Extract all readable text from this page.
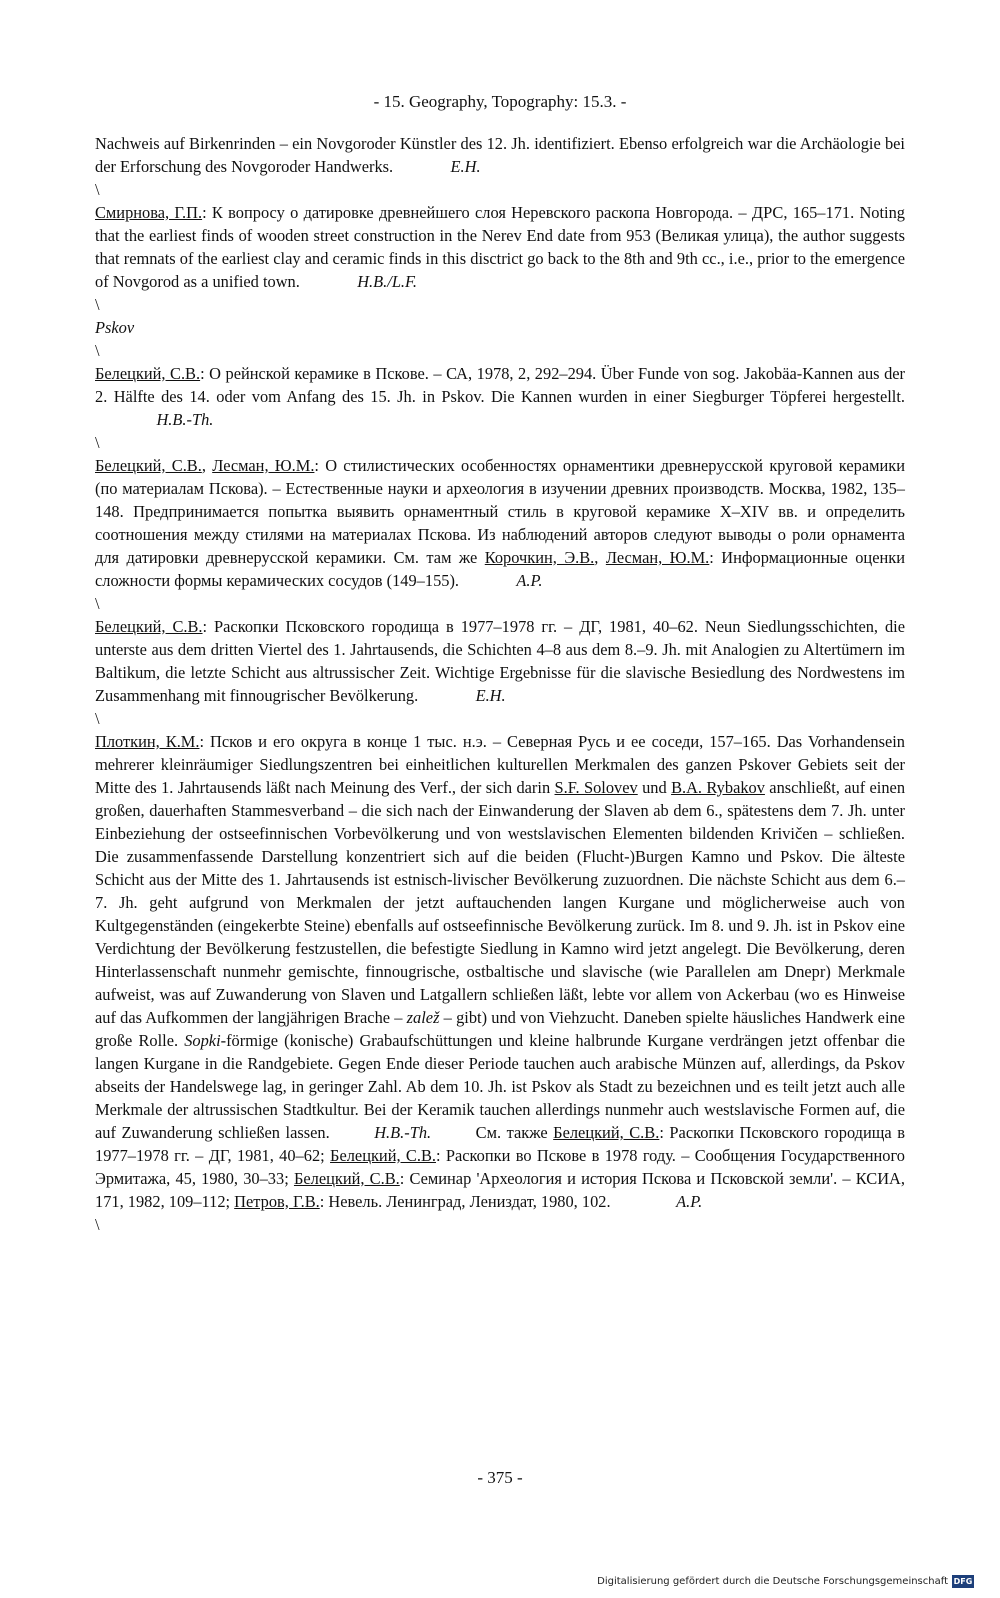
- 15. Geography, Topography: 15.3. -

Nachweis auf Birkenrinden – ein Novgoroder Künstler des 12. Jh. identifiziert. Ebenso erfolgreich war die Archäologie bei der Erforschung des Novgoroder Handwerks.	E.H.

\

Смирнова, Г.П.: К вопросу о датировке древнейшего слоя Неревского раскопа Новгорода. – ДРС, 165–171. Noting that the earliest finds of wooden street construction in the Nerev End date from 953 (Великая улица), the author suggests that remnats of the earliest clay and ceramic finds in this disctrict go back to the 8th and 9th cc., i.e., prior to the emergence of Novgorod as a unified town.	H.B./L.F.

\
Pskov
\

Белецкий, С.В.: О рейнской керамике в Пскове. – СА, 1978, 2, 292–294. Über Funde von sog. Jakobäa-Kannen aus der 2. Hälfte des 14. oder vom Anfang des 15. Jh. in Pskov. Die Kannen wurden in einer Siegburger Töpferei hergestellt.                H.B.-Th.

\

Белецкий, С.В., Лесман, Ю.М.: О стилистических особенностях орнаментики древнерусской круговой керамики (по материалам Пскова). – Естественные науки и археология в изучении древних производств. Москва, 1982, 135–148. Предпринимается попытка выявить орнаментный стиль в круговой керамике X–XIV вв. и определить соотношения между стилями на материалах Пскова. Из наблюдений авторов следуют выводы о роли орнамента для датировки древнерусской керамики. См. там же Корочкин, Э.В., Лесман, Ю.М.: Информационные оценки сложности формы керамических сосудов (149–155).	A.P.

\

Белецкий, С.В.: Раскопки Псковского городища в 1977–1978 гг. – ДГ, 1981, 40–62. Neun Siedlungsschichten, die unterste aus dem dritten Viertel des 1. Jahrtausends, die Schichten 4–8 aus dem 8.–9. Jh. mit Analogien zu Altertümern im Baltikum, die letzte Schicht aus altrussischer Zeit. Wichtige Ergebnisse für die slavische Besiedlung des Nordwestens im Zusammenhang mit finnougrischer Bevölkerung.	E.H.

\

Плоткин, К.М.: Псков и его округа в конце 1 тыс. н.э. – Северная Русь и ее соседи, 157–165. Das Vorhandensein mehrerer kleinräumiger Siedlungszentren bei einheitlichen kulturellen Merkmalen des ganzen Pskover Gebiets seit der Mitte des 1. Jahrtausends läßt nach Meinung des Verf., der sich darin S.F. Solovev und B.A. Rybakov anschließt, auf einen großen, dauerhaften Stammesverband – die sich nach der Einwanderung der Slaven ab dem 6., spätestens dem 7. Jh. unter Einbeziehung der ostseefinnischen Vorbevölkerung und von westslavischen Elementen bildenden Krivičen – schließen. Die zusammenfassende Darstellung konzentriert sich auf die beiden (Flucht-)Burgen Kamno und Pskov. Die älteste Schicht aus der Mitte des 1. Jahrtausends ist estnisch-livischer Bevölkerung zuzuordnen. Die nächste Schicht aus dem 6.–7. Jh. geht aufgrund von Merkmalen der jetzt auftauchenden langen Kurgane und möglicherweise auch von Kultgegenständen (eingekerbte Steine) ebenfalls auf ostseefinnische Bevölkerung zurück. Im 8. und 9. Jh. ist in Pskov eine Verdichtung der Bevölkerung festzustellen, die befestigte Siedlung in Kamno wird jetzt angelegt. Die Bevölkerung, deren Hinterlassenschaft nunmehr gemischte, finnougrische, ostbaltische und slavische (wie Parallelen am Dnepr) Merkmale aufweist, was auf Zuwanderung von Slaven und Latgallern schließen läßt, lebte vor allem von Ackerbau (wo es Hinweise auf das Aufkommen der langjährigen Brache – zalež – gibt) und von Viehzucht. Daneben spielte häusliches Handwerk eine große Rolle. Sopki-förmige (konische) Grabaufschüttungen und kleine halbrunde Kurgane verdrängen jetzt offenbar die langen Kurgane in die Randgebiete. Gegen Ende dieser Periode tauchen auch arabische Münzen auf, allerdings, da Pskov abseits der Handelswege lag, in geringer Zahl. Ab dem 10. Jh. ist Pskov als Stadt zu bezeichnen und es teilt jetzt auch alle Merkmale der altrussischen Stadtkultur. Bei der Keramik tauchen allerdings nunmehr auch westslavische Formen auf, die auf Zuwanderung schließen lassen.	H.B.-Th.	См. также Белецкий, С.В.: Раскопки Псковского городища в 1977–1978 гг. – ДГ, 1981, 40–62; Белецкий, С.В.: Раскопки во Пскове в 1978 году. – Сообщения Государственного Эрмитажа, 45, 1980, 30–33; Белецкий, С.В.: Семинар 'Археология и история Пскова и Псковской земли'. – КСИА, 171, 1982, 109–112; Петров, Г.В.: Невель. Ленинград, Лениздат, 1980, 102.	A.P.

\
- 375 -
Digitalisierung gefördert durch die Deutsche Forschungsgemeinschaft DFG
